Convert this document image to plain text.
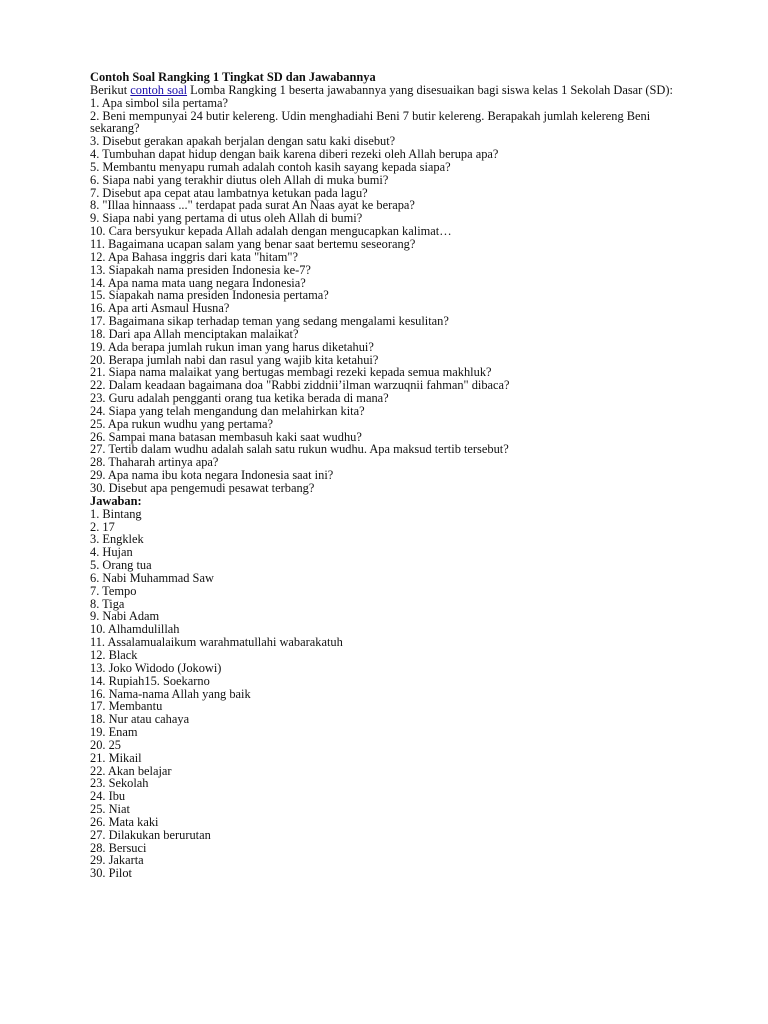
Contoh Soal Rangking 1 Tingkat SD dan Jawabannya
Berikut contoh soal Lomba Rangking 1 beserta jawabannya yang disesuaikan bagi siswa kelas 1 Sekolah Dasar (SD):
1. Apa simbol sila pertama?
2. Beni mempunyai 24 butir kelereng. Udin menghadiahi Beni 7 butir kelereng. Berapakah jumlah kelereng Beni sekarang?
3. Disebut gerakan apakah berjalan dengan satu kaki disebut?
4. Tumbuhan dapat hidup dengan baik karena diberi rezeki oleh Allah berupa apa?
5. Membantu menyapu rumah adalah contoh kasih sayang kepada siapa?
6. Siapa nabi yang terakhir diutus oleh Allah di muka bumi?
7. Disebut apa cepat atau lambatnya ketukan pada lagu?
8. "Illaa hinnaass ..." terdapat pada surat An Naas ayat ke berapa?
9. Siapa nabi yang pertama di utus oleh Allah di bumi?
10. Cara bersyukur kepada Allah adalah dengan mengucapkan kalimat…
11. Bagaimana ucapan salam yang benar saat bertemu seseorang?
12. Apa Bahasa inggris dari kata "hitam"?
13. Siapakah nama presiden Indonesia ke-7?
14. Apa nama mata uang negara Indonesia?
15. Siapakah nama presiden Indonesia pertama?
16. Apa arti Asmaul Husna?
17. Bagaimana sikap terhadap teman yang sedang mengalami kesulitan?
18. Dari apa Allah menciptakan malaikat?
19. Ada berapa jumlah rukun iman yang harus diketahui?
20. Berapa jumlah nabi dan rasul yang wajib kita ketahui?
21. Siapa nama malaikat yang bertugas membagi rezeki kepada semua makhluk?
22. Dalam keadaan bagaimana doa "Rabbi ziddnii’ilman warzuqnii fahman" dibaca?
23. Guru adalah pengganti orang tua ketika berada di mana?
24. Siapa yang telah mengandung dan melahirkan kita?
25. Apa rukun wudhu yang pertama?
26. Sampai mana batasan membasuh kaki saat wudhu?
27. Tertib dalam wudhu adalah salah satu rukun wudhu. Apa maksud tertib tersebut?
28. Thaharah artinya apa?
29. Apa nama ibu kota negara Indonesia saat ini?
30. Disebut apa pengemudi pesawat terbang?
Jawaban:
1. Bintang
2. 17
3. Engklek
4. Hujan
5. Orang tua
6. Nabi Muhammad Saw
7. Tempo
8. Tiga
9. Nabi Adam
10. Alhamdulillah
11. Assalamualaikum warahmatullahi wabarakatuh
12. Black
13. Joko Widodo (Jokowi)
14. Rupiah15. Soekarno
16. Nama-nama Allah yang baik
17. Membantu
18. Nur atau cahaya
19. Enam
20. 25
21. Mikail
22. Akan belajar
23. Sekolah
24. Ibu
25. Niat
26. Mata kaki
27. Dilakukan berurutan
28. Bersuci
29. Jakarta
30. Pilot
